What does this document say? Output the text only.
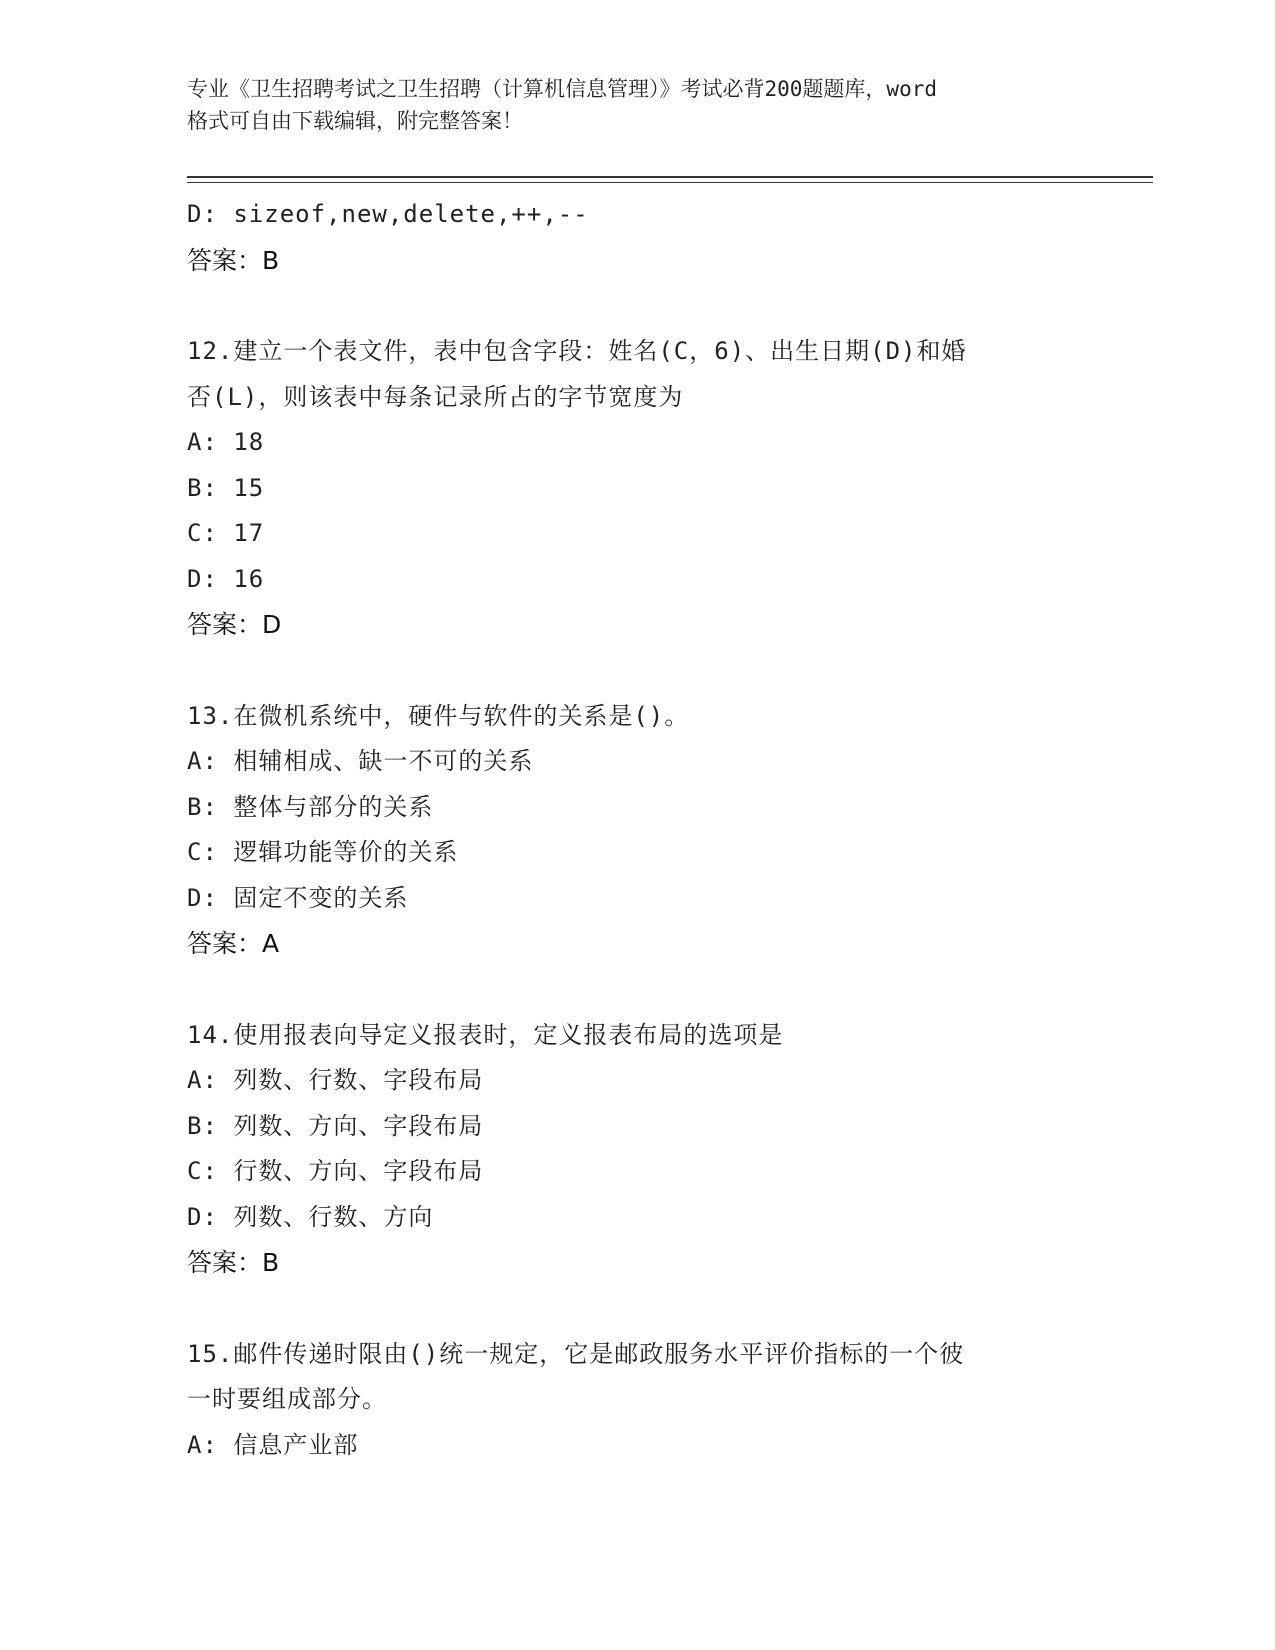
专业《卫生招聘考试之卫生招聘（计算机信息管理）》考试必背200题题库，word
格式可自由下载编辑，附完整答案！
D: sizeof,new,delete,++,--
答案：B
12.建立一个表文件，表中包含字段：姓名(C，6)、出生日期(D)和婚
否(L)，则该表中每条记录所占的字节宽度为
A: 18
B: 15
C: 17
D: 16
答案：D
13.在微机系统中，硬件与软件的关系是()。
A: 相辅相成、缺一不可的关系
B: 整体与部分的关系
C: 逻辑功能等价的关系
D: 固定不变的关系
答案：A
14.使用报表向导定义报表时，定义报表布局的选项是
A: 列数、行数、字段布局
B: 列数、方向、字段布局
C: 行数、方向、字段布局
D: 列数、行数、方向
答案：B
15.邮件传递时限由()统一规定，它是邮政服务水平评价指标的一个彼
一时要组成部分。
A: 信息产业部
